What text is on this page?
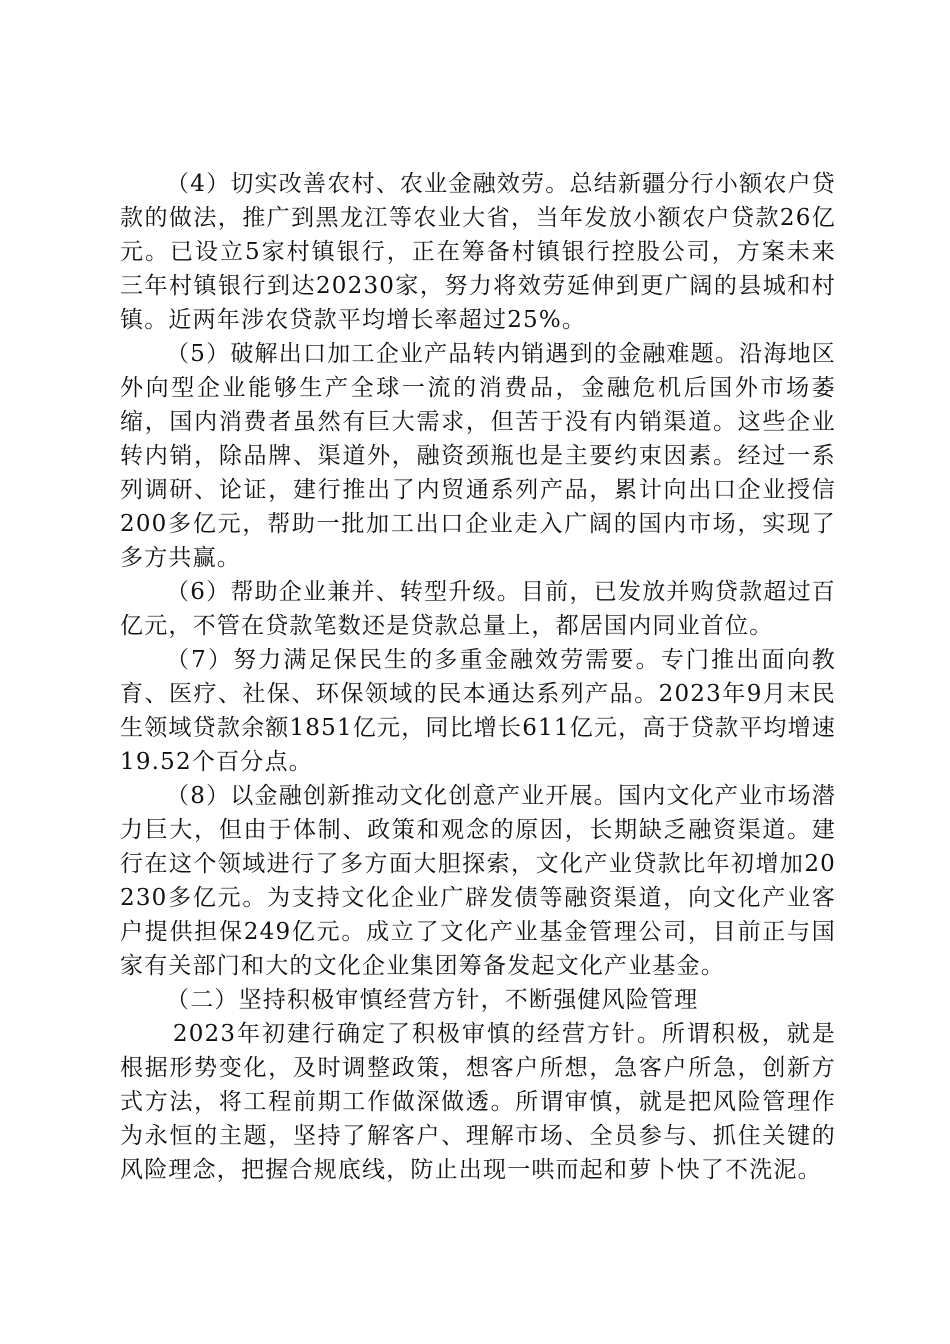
（4）切实改善农村、农业金融效劳。总结新疆分行小额农户贷款的做法，推广到黑龙江等农业大省，当年发放小额农户贷款26亿元。已设立5家村镇银行，正在筹备村镇银行控股公司，方案未来三年村镇银行到达20230家，努力将效劳延伸到更广阔的县城和村镇。近两年涉农贷款平均增长率超过25%。

（5）破解出口加工企业产品转内销遇到的金融难题。沿海地区外向型企业能够生产全球一流的消费品，金融危机后国外市场萎缩，国内消费者虽然有巨大需求，但苦于没有内销渠道。这些企业转内销，除品牌、渠道外，融资颈瓶也是主要约束因素。经过一系列调研、论证，建行推出了内贸通系列产品，累计向出口企业授信200多亿元，帮助一批加工出口企业走入广阔的国内市场，实现了多方共赢。

（6）帮助企业兼并、转型升级。目前，已发放并购贷款超过百亿元，不管在贷款笔数还是贷款总量上，都居国内同业首位。

（7）努力满足保民生的多重金融效劳需要。专门推出面向教育、医疗、社保、环保领域的民本通达系列产品。2023年9月末民生领域贷款余额1851亿元，同比增长611亿元，高于贷款平均增速19.52个百分点。

（8）以金融创新推动文化创意产业开展。国内文化产业市场潜力巨大，但由于体制、政策和观念的原因，长期缺乏融资渠道。建行在这个领域进行了多方面大胆探索，文化产业贷款比年初增加20230多亿元。为支持文化企业广辟发债等融资渠道，向文化产业客户提供担保249亿元。成立了文化产业基金管理公司，目前正与国家有关部门和大的文化企业集团筹备发起文化产业基金。

（二）坚持积极审慎经营方针，不断强健风险管理

2023年初建行确定了积极审慎的经营方针。所谓积极，就是根据形势变化，及时调整政策，想客户所想，急客户所急，创新方式方法，将工程前期工作做深做透。所谓审慎，就是把风险管理作为永恒的主题，坚持了解客户、理解市场、全员参与、抓住关键的风险理念，把握合规底线，防止出现一哄而起和萝卜快了不洗泥。
